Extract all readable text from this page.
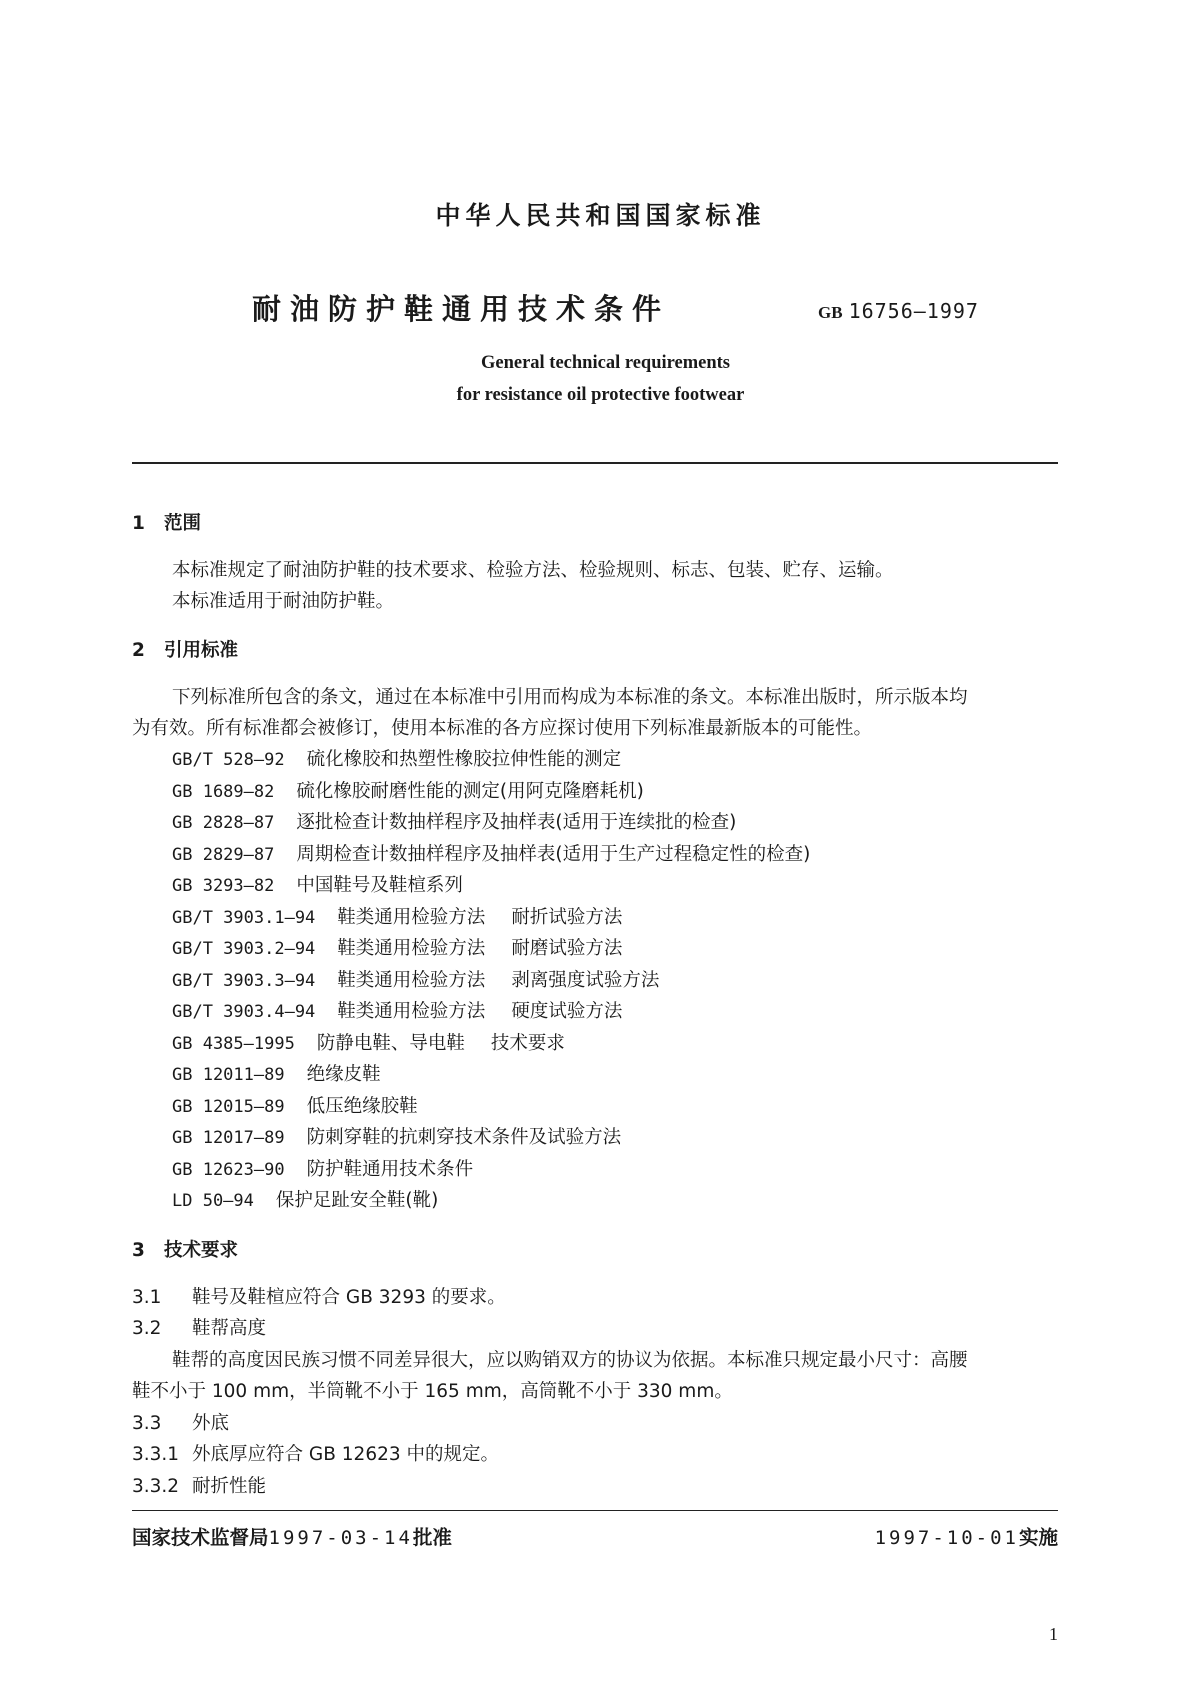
中华人民共和国国家标准
耐油防护鞋通用技术条件	GB 16756—1997
General technical requirements
for resistance oil protective footwear
1 范围
本标准规定了耐油防护鞋的技术要求、检验方法、检验规则、标志、包装、贮存、运输。
本标准适用于耐油防护鞋。
2 引用标准
下列标准所包含的条文，通过在本标准中引用而构成为本标准的条文。本标准出版时，所示版本均
为有效。所有标准都会被修订，使用本标准的各方应探讨使用下列标准最新版本的可能性。
GB/T 528—92 硫化橡胶和热塑性橡胶拉伸性能的测定
GB 1689—82 硫化橡胶耐磨性能的测定(用阿克隆磨耗机)
GB 2828—87 逐批检查计数抽样程序及抽样表(适用于连续批的检查)
GB 2829—87 周期检查计数抽样程序及抽样表(适用于生产过程稳定性的检查)
GB 3293—82 中国鞋号及鞋楦系列
GB/T 3903.1—94 鞋类通用检验方法 耐折试验方法
GB/T 3903.2—94 鞋类通用检验方法 耐磨试验方法
GB/T 3903.3—94 鞋类通用检验方法 剥离强度试验方法
GB/T 3903.4—94 鞋类通用检验方法 硬度试验方法
GB 4385—1995 防静电鞋、导电鞋 技术要求
GB 12011—89 绝缘皮鞋
GB 12015—89 低压绝缘胶鞋
GB 12017—89 防刺穿鞋的抗刺穿技术条件及试验方法
GB 12623—90 防护鞋通用技术条件
LD 50—94 保护足趾安全鞋(靴)
3 技术要求
3.1 鞋号及鞋楦应符合 GB 3293 的要求。
3.2 鞋帮高度
鞋帮的高度因民族习惯不同差异很大，应以购销双方的协议为依据。本标准只规定最小尺寸：高腰
鞋不小于 100 mm，半筒靴不小于 165 mm，高筒靴不小于 330 mm。
3.3 外底
3.3.1 外底厚应符合 GB 12623 中的规定。
3.3.2 耐折性能
国家技术监督局1997-03-14批准	1997-10-01实施
1
